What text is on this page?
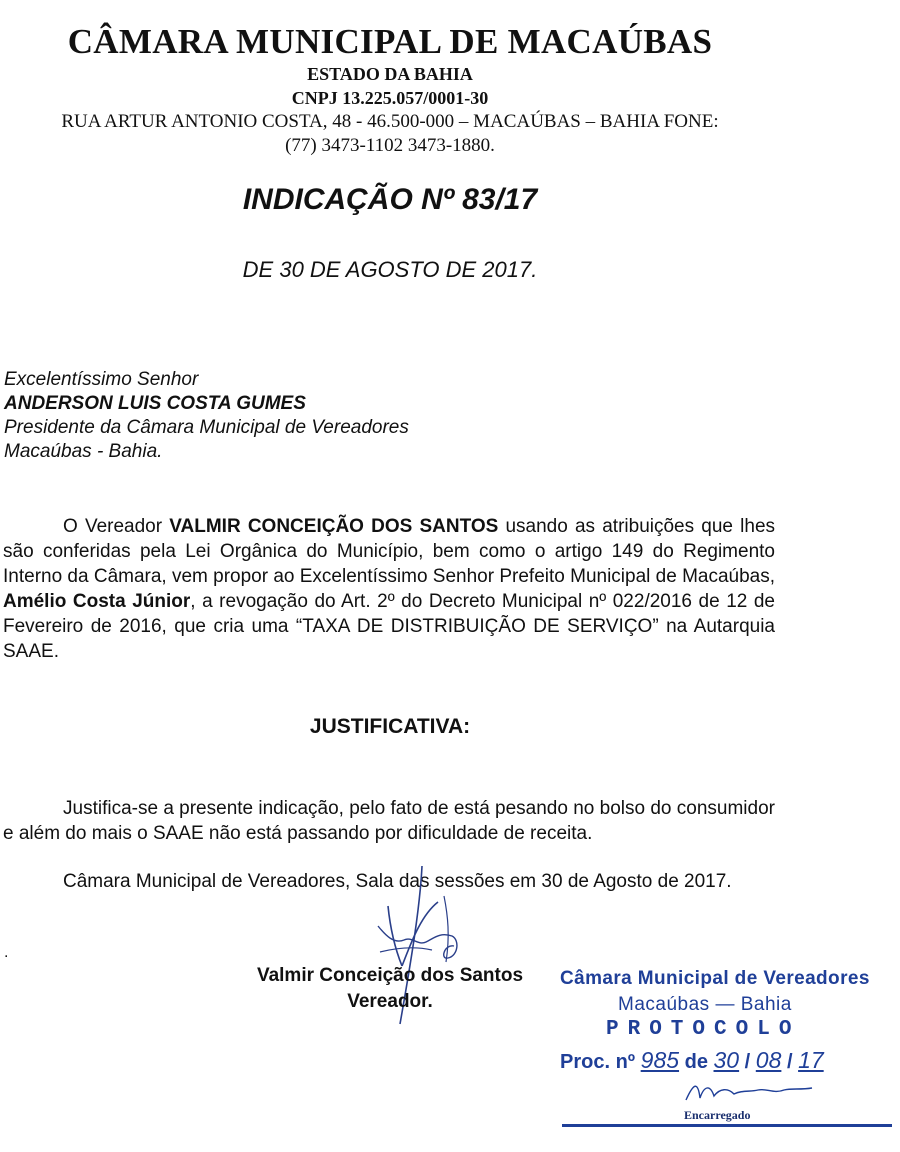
CÂMARA MUNICIPAL DE MACAÚBAS
ESTADO DA BAHIA
CNPJ 13.225.057/0001-30
RUA ARTUR ANTONIO COSTA, 48 - 46.500-000 – MACAÚBAS – BAHIA FONE:
(77) 3473-1102 3473-1880.
INDICAÇÃO Nº 83/17
DE 30 DE AGOSTO DE 2017.
Excelentíssimo Senhor
ANDERSON LUIS COSTA GUMES
Presidente da Câmara Municipal de Vereadores
Macaúbas - Bahia.
O Vereador VALMIR CONCEIÇÃO DOS SANTOS usando as atribuições que lhes são conferidas pela Lei Orgânica do Município, bem como o artigo 149 do Regimento Interno da Câmara, vem propor ao Excelentíssimo Senhor Prefeito Municipal de Macaúbas, Amélio Costa Júnior, a revogação do Art. 2º do Decreto Municipal nº 022/2016 de 12 de Fevereiro de 2016, que cria uma “TAXA DE DISTRIBUIÇÃO DE SERVIÇO” na Autarquia SAAE.
JUSTIFICATIVA:
Justifica-se a presente indicação, pelo fato de está pesando no bolso do consumidor e além do mais o SAAE não está passando por dificuldade de receita.
Câmara Municipal de Vereadores, Sala das sessões em 30 de Agosto de 2017.
.
Valmir Conceição dos Santos
Vereador.
Câmara Municipal de Vereadores
Macaúbas — Bahia
PROTOCOLO
Proc. nº 985 de 30 / 08 / 17
Encarregado
